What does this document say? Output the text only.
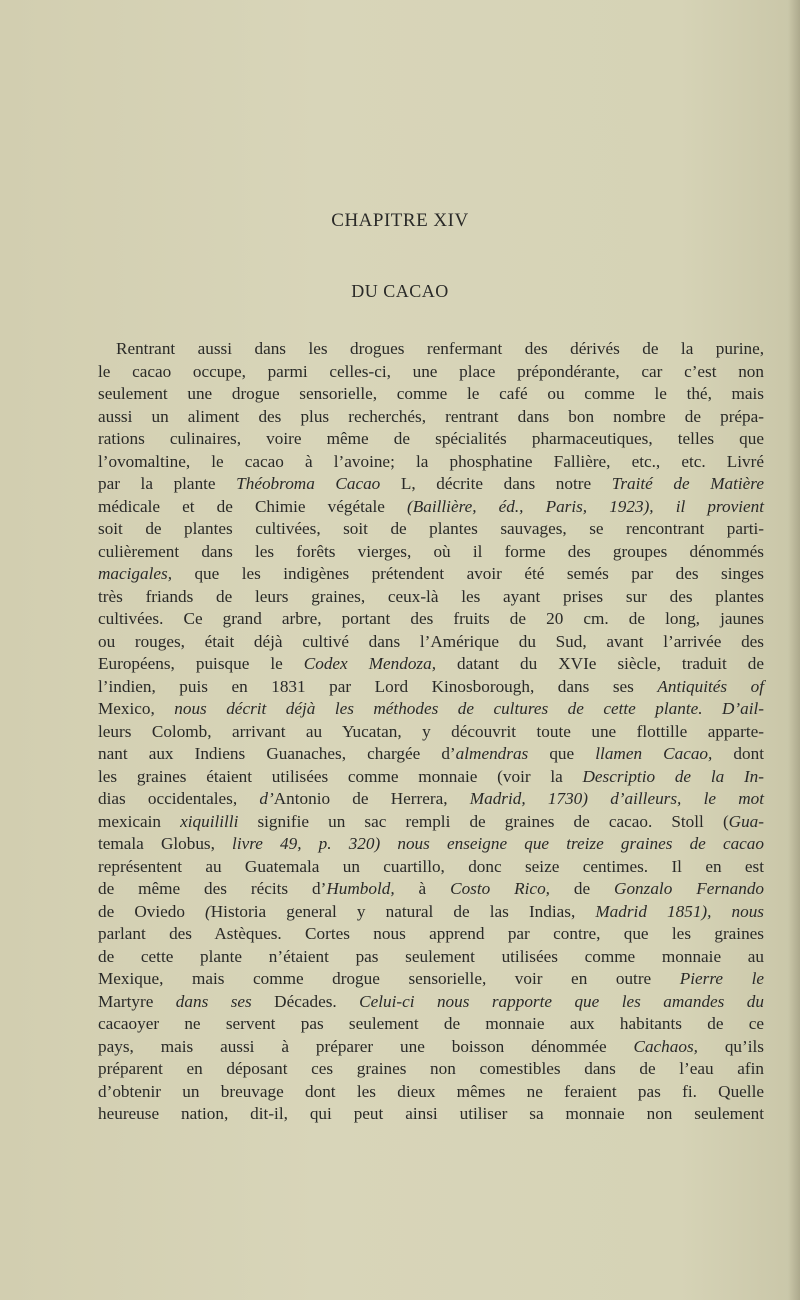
CHAPITRE XIV
DU CACAO
Rentrant aussi dans les drogues renfermant des dérivés de la purine,
le cacao occupe, parmi celles-ci, une place prépondérante, car c’est non
seulement une drogue sensorielle, comme le café ou comme le thé, mais
aussi un aliment des plus recherchés, rentrant dans bon nombre de prépa-
rations culinaires, voire même de spécialités pharmaceutiques, telles que
l’ovomaltine, le cacao à l’avoine; la phosphatine Fallière, etc., etc. Livré
par la plante Théobroma Cacao L, décrite dans notre Traité de Matière
médicale et de Chimie végétale (Baillière, éd., Paris, 1923), il provient
soit de plantes cultivées, soit de plantes sauvages, se rencontrant parti-
culièrement dans les forêts vierges, où il forme des groupes dénommés
macigales, que les indigènes prétendent avoir été semés par des singes
très friands de leurs graines, ceux-là les ayant prises sur des plantes
cultivées. Ce grand arbre, portant des fruits de 20 cm. de long, jaunes
ou rouges, était déjà cultivé dans l’Amérique du Sud, avant l’arrivée des
Européens, puisque le Codex Mendoza, datant du XVIe siècle, traduit de
l’indien, puis en 1831 par Lord Kinosborough, dans ses Antiquités of
Mexico, nous décrit déjà les méthodes de cultures de cette plante. D’ail-
leurs Colomb, arrivant au Yucatan, y découvrit toute une flottille apparte-
nant aux Indiens Guanaches, chargée d’almendras que llamen Cacao, dont
les graines étaient utilisées comme monnaie (voir la Descriptio de la In-
dias occidentales, d’Antonio de Herrera, Madrid, 1730) d’ailleurs, le mot
mexicain xiquililli signifie un sac rempli de graines de cacao. Stoll (Gua-
temala Globus, livre 49, p. 320) nous enseigne que treize graines de cacao
représentent au Guatemala un cuartillo, donc seize centimes. Il en est
de même des récits d’Humbold, à Costo Rico, de Gonzalo Fernando
de Oviedo (Historia general y natural de las Indias, Madrid 1851), nous
parlant des Astèques. Cortes nous apprend par contre, que les graines
de cette plante n’étaient pas seulement utilisées comme monnaie au
Mexique, mais comme drogue sensorielle, voir en outre Pierre le
Martyre dans ses Décades. Celui-ci nous rapporte que les amandes du
cacaoyer ne servent pas seulement de monnaie aux habitants de ce
pays, mais aussi à préparer une boisson dénommée Cachaos, qu’ils
préparent en déposant ces graines non comestibles dans de l’eau afin
d’obtenir un breuvage dont les dieux mêmes ne feraient pas fi. Quelle
heureuse nation, dit-il, qui peut ainsi utiliser sa monnaie non seulement
